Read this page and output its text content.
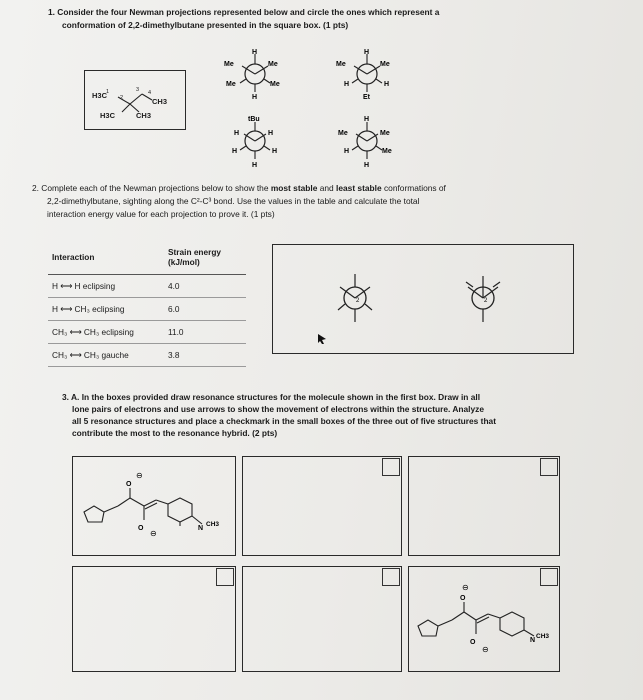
1. Consider the four Newman projections represented below and circle the ones which represent a
conformation of 2,2-dimethylbutane presented in the square box. (1 pts)
H3C
1
2
3 4
CH3
H3C	CH3
H
Me	Me
Me	Me
H
H
Me	Me
H	H
Et
tBu
H	H
H	H
H
H
Me	Me
H	Me
H
2. Complete each of the Newman projections below to show the most stable and least stable conformations of
2,2-dimethylbutane, sighting along the C²-C³ bond. Use the values in the table and calculate the total
interaction energy value for each projection to prove it. (1 pts)
Interaction	Strain energy (kJ/mol)
H ⟷ H eclipsing	4.0
H ⟷ CH₃ eclipsing	6.0
CH₃ ⟷ CH₃ eclipsing	11.0
CH₃ ⟷ CH₃ gauche	3.8
2	2
3. A. In the boxes provided draw resonance structures for the molecule shown in the first box. Draw in all
lone pairs of electrons and use arrows to show the movement of electrons within the structure. Analyze
all 5 resonance structures and place a checkmark in the small boxes of the three out of five structures that
contribute the most to the resonance hybrid. (2 pts)
O
⊖
O
⊖
N
CH3
O
⊖
O
⊖
N
CH3
